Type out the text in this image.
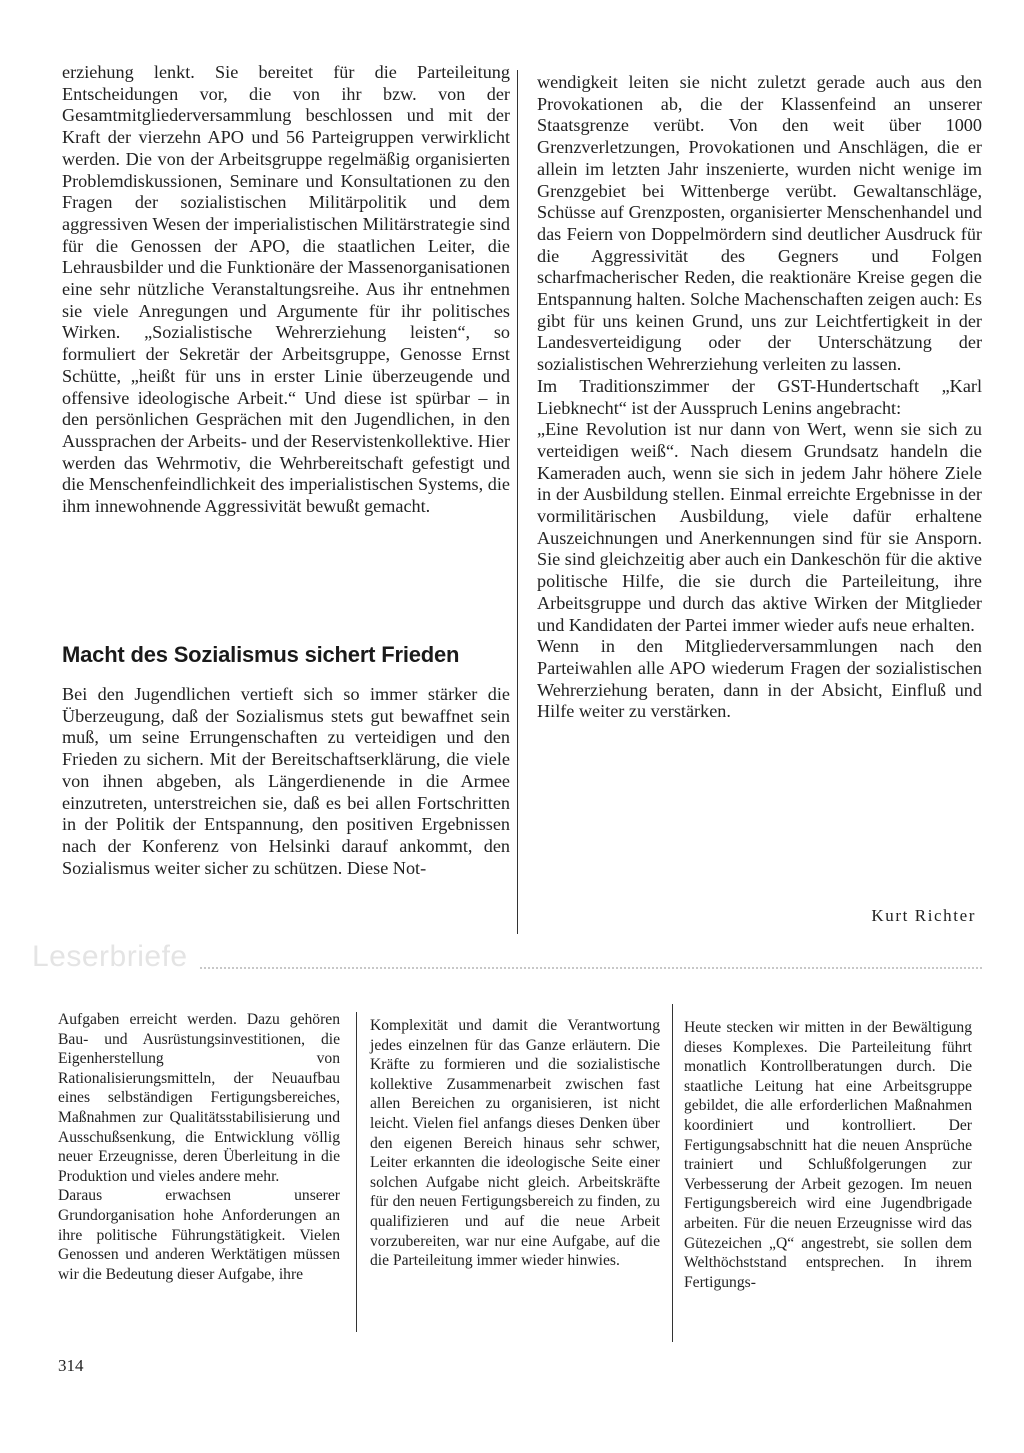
erziehung lenkt. Sie bereitet für die Parteileitung Entscheidungen vor, die von ihr bzw. von der Gesamtmitgliederversammlung beschlossen und mit der Kraft der vierzehn APO und 56 Parteigruppen verwirklicht werden. Die von der Arbeitsgruppe regelmäßig organisierten Problemdiskussionen, Seminare und Konsultationen zu den Fragen der sozialistischen Militärpolitik und dem aggressiven Wesen der imperialistischen Militärstrategie sind für die Genossen der APO, die staatlichen Leiter, die Lehrausbilder und die Funktionäre der Massenorganisationen eine sehr nützliche Veranstaltungsreihe. Aus ihr entnehmen sie viele Anregungen und Argumente für ihr politisches Wirken. „Sozialistische Wehrerziehung leisten“, so formuliert der Sekretär der Arbeitsgruppe, Genosse Ernst Schütte, „heißt für uns in erster Linie überzeugende und offensive ideologische Arbeit.“ Und diese ist spürbar – in den persönlichen Gesprächen mit den Jugendlichen, in den Aussprachen der Arbeits- und der Reservistenkollektive. Hier werden das Wehrmotiv, die Wehrbereitschaft gefestigt und die Menschenfeindlichkeit des imperialistischen Systems, die ihm innewohnende Aggressivität bewußt gemacht.

Macht des Sozialismus sichert Frieden

Bei den Jugendlichen vertieft sich so immer stärker die Überzeugung, daß der Sozialismus stets gut bewaffnet sein muß, um seine Errungenschaften zu verteidigen und den Frieden zu sichern. Mit der Bereitschaftserklärung, die viele von ihnen abgeben, als Längerdienende in die Armee einzutreten, unterstreichen sie, daß es bei allen Fortschritten in der Politik der Entspannung, den positiven Ergebnissen nach der Konferenz von Helsinki darauf ankommt, den Sozialismus weiter sicher zu schützen. Diese Not-

wendigkeit leiten sie nicht zuletzt gerade auch aus den Provokationen ab, die der Klassenfeind an unserer Staatsgrenze verübt. Von den weit über 1000 Grenzverletzungen, Provokationen und Anschlägen, die er allein im letzten Jahr inszenierte, wurden nicht wenige im Grenzgebiet bei Wittenberge verübt. Gewaltanschläge, Schüsse auf Grenzposten, organisierter Menschenhandel und das Feiern von Doppelmördern sind deutlicher Ausdruck für die Aggressivität des Gegners und Folgen scharfmacherischer Reden, die reaktionäre Kreise gegen die Entspannung halten. Solche Machenschaften zeigen auch: Es gibt für uns keinen Grund, uns zur Leichtfertigkeit in der Landesverteidigung oder der Unterschätzung der sozialistischen Wehrerziehung verleiten zu lassen.

Im Traditionszimmer der GST-Hundertschaft „Karl Liebknecht“ ist der Ausspruch Lenins angebracht:

„Eine Revolution ist nur dann von Wert, wenn sie sich zu verteidigen weiß“. Nach diesem Grundsatz handeln die Kameraden auch, wenn sie sich in jedem Jahr höhere Ziele in der Ausbildung stellen. Einmal erreichte Ergebnisse in der vormilitärischen Ausbildung, viele dafür erhaltene Auszeichnungen und Anerkennungen sind für sie Ansporn. Sie sind gleichzeitig aber auch ein Dankeschön für die aktive politische Hilfe, die sie durch die Parteileitung, ihre Arbeitsgruppe und durch das aktive Wirken der Mitglieder und Kandidaten der Partei immer wieder aufs neue erhalten.

Wenn in den Mitgliederversammlungen nach den Parteiwahlen alle APO wiederum Fragen der sozialistischen Wehrerziehung beraten, dann in der Absicht, Einfluß und Hilfe weiter zu verstärken.

Kurt Richter
Leserbriefe

Aufgaben erreicht werden. Dazu gehören Bau- und Ausrüstungsinvestitionen, die Eigenherstellung von Rationalisierungsmitteln, der Neuaufbau eines selbständigen Fertigungsbereiches, Maßnahmen zur Qualitätsstabilisierung und Ausschußsenkung, die Entwicklung völlig neuer Erzeugnisse, deren Überleitung in die Produktion und vieles andere mehr.

Daraus erwachsen unserer Grundorganisation hohe Anforderungen an ihre politische Führungstätigkeit. Vielen Genossen und anderen Werktätigen müssen wir die Bedeutung dieser Aufgabe, ihre

Komplexität und damit die Verantwortung jedes einzelnen für das Ganze erläutern. Die Kräfte zu formieren und die sozialistische kollektive Zusammenarbeit zwischen fast allen Bereichen zu organisieren, ist nicht leicht. Vielen fiel anfangs dieses Denken über den eigenen Bereich hinaus sehr schwer, Leiter erkannten die ideologische Seite einer solchen Aufgabe nicht gleich. Arbeitskräfte für den neuen Fertigungsbereich zu finden, zu qualifizieren und auf die neue Arbeit vorzubereiten, war nur eine Aufgabe, auf die die Parteileitung immer wieder hinwies.

Heute stecken wir mitten in der Bewältigung dieses Komplexes. Die Parteileitung führt monatlich Kontrollberatungen durch. Die staatliche Leitung hat eine Arbeitsgruppe gebildet, die alle erforderlichen Maßnahmen koordiniert und kontrolliert. Der Fertigungsabschnitt hat die neuen Ansprüche trainiert und Schlußfolgerungen zur Verbesserung der Arbeit gezogen. Im neuen Fertigungsbereich wird eine Jugendbrigade arbeiten. Für die neuen Erzeugnisse wird das Gütezeichen „Q“ angestrebt, sie sollen dem Welthöchststand entsprechen. In ihrem Fertigungs-

314
